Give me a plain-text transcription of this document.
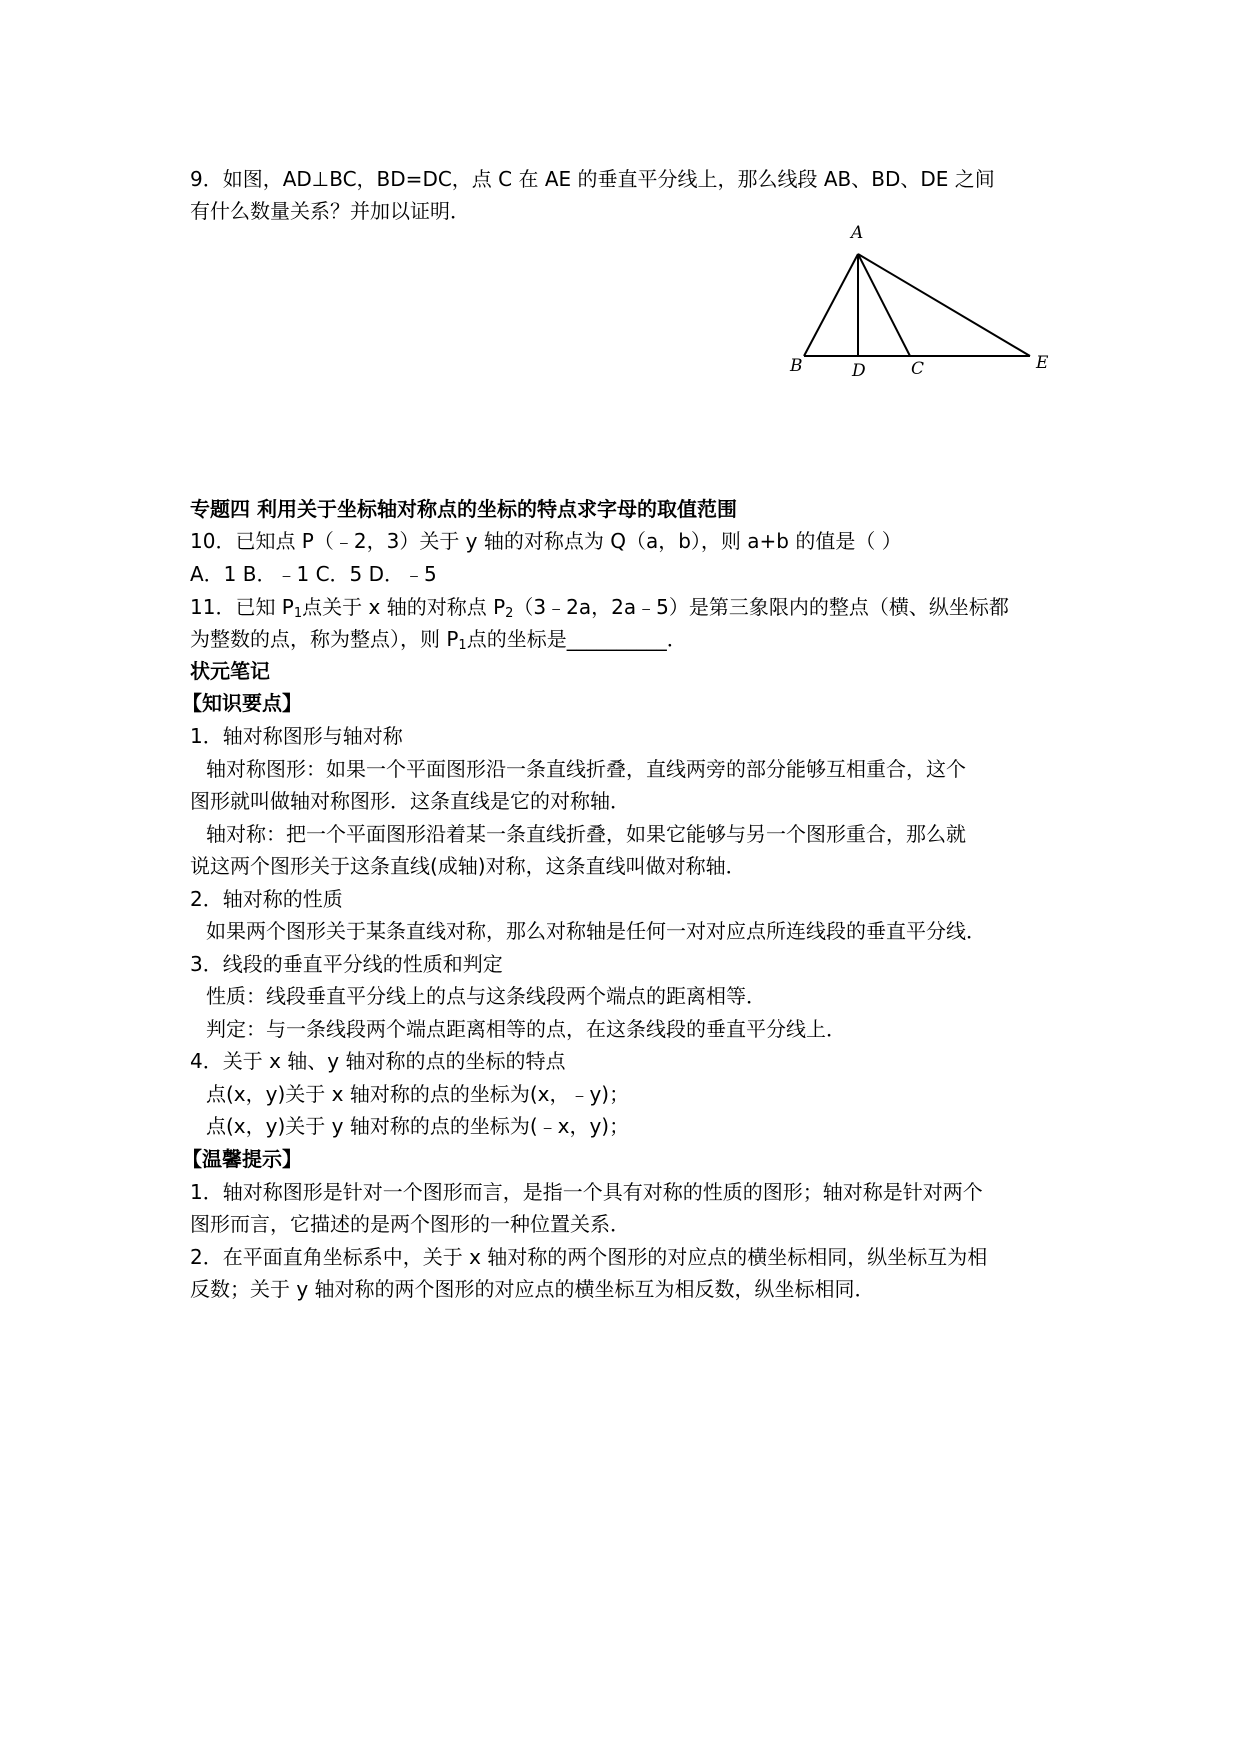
9．如图，AD⊥BC，BD=DC，点 C 在 AE 的垂直平分线上，那么线段 AB、BD、DE 之间
有什么数量关系？并加以证明．
A
B	D	C	E
专题四 利用关于坐标轴对称点的坐标的特点求字母的取值范围
10．已知点 P（﹣2，3）关于 y 轴的对称点为 Q（a，b），则 a+b 的值是（ ）
A．1 B．﹣1 C．5 D．﹣5
11．已知 $P_1$点关于 x 轴的对称点 $P_2(3﹣2a$，2a﹣5）是第三象限内的整点（横、纵坐标都
为整数的点，称为整点），则 $P_1$点的坐标是__________．
状元笔记
【知识要点】
1．轴对称图形与轴对称
轴对称图形：如果一个平面图形沿一条直线折叠，直线两旁的部分能够互相重合，这个
图形就叫做轴对称图形．这条直线是它的对称轴．
轴对称：把一个平面图形沿着某一条直线折叠，如果它能够与另一个图形重合，那么就
说这两个图形关于这条直线(成轴)对称，这条直线叫做对称轴．
2．轴对称的性质
如果两个图形关于某条直线对称，那么对称轴是任何一对对应点所连线段的垂直平分线．
3．线段的垂直平分线的性质和判定
性质：线段垂直平分线上的点与这条线段两个端点的距离相等．
判定：与一条线段两个端点距离相等的点，在这条线段的垂直平分线上．
4．关于 x 轴、y 轴对称的点的坐标的特点
点(x，y)关于 x 轴对称的点的坐标为(x，﹣y)；
点(x，y)关于 y 轴对称的点的坐标为(﹣x，y)；
【温馨提示】
1．轴对称图形是针对一个图形而言，是指一个具有对称的性质的图形；轴对称是针对两个
图形而言，它描述的是两个图形的一种位置关系．
2．在平面直角坐标系中，关于 x 轴对称的两个图形的对应点的横坐标相同，纵坐标互为相
反数；关于 y 轴对称的两个图形的对应点的横坐标互为相反数，纵坐标相同．
